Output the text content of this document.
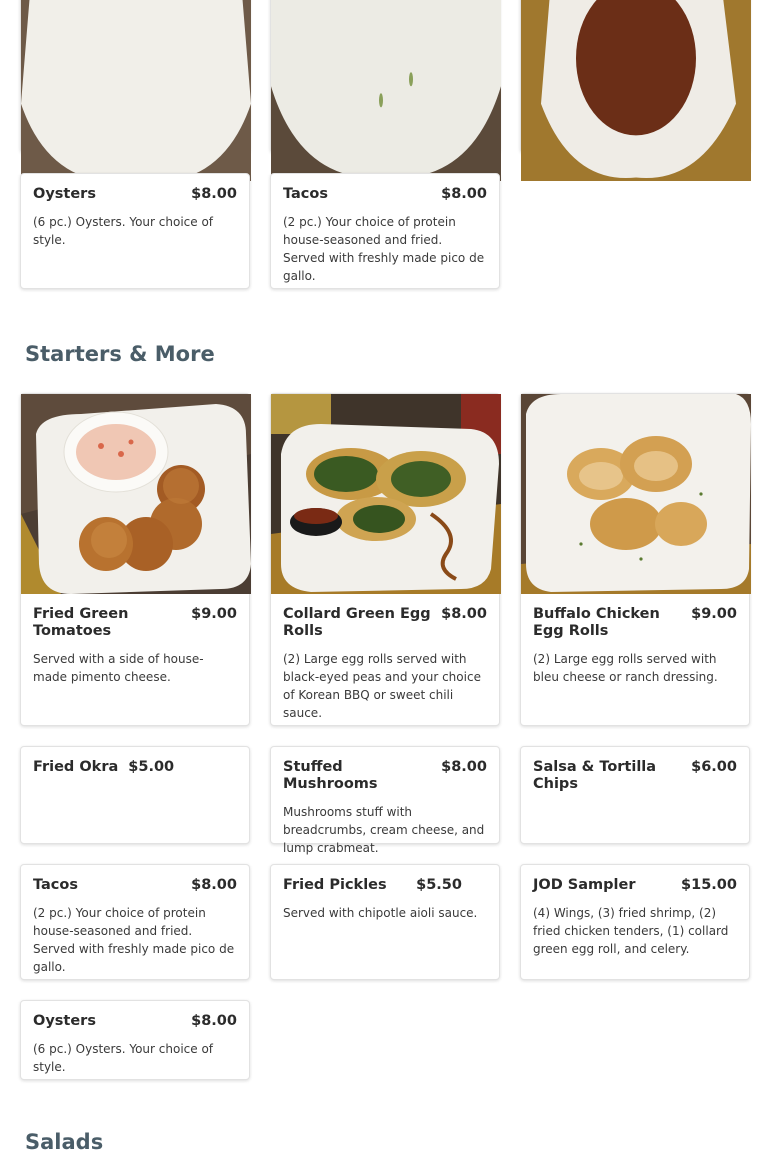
Oysters	$8.00
(6 pc.) Oysters. Your choice of style.
Tacos	$8.00
(2 pc.) Your choice of protein house-seasoned and fried. Served with freshly made pico de gallo.
Starters & More
Fried Green Tomatoes
$9.00
Served with a side of house-made pimento cheese.
Collard Green Egg Rolls
$8.00
(2) Large egg rolls served with black-eyed peas and your choice of Korean BBQ or sweet chili sauce.
Buffalo Chicken Egg Rolls
$9.00
(2) Large egg rolls served with bleu cheese or ranch dressing.
Fried Okra $5.00	Stuffed Mushrooms
$8.00
Mushrooms stuff with breadcrumbs, cream cheese, and lump crabmeat.
Salsa & Tortilla Chips
$6.00
Tacos	$8.00
(2 pc.) Your choice of protein house-seasoned and fried. Served with freshly made pico de gallo.
Fried Pickles $5.50
Served with chipotle aioli sauce.
JOD Sampler	$15.00
(4) Wings, (3) fried shrimp, (2) fried chicken tenders, (1) collard green egg roll, and celery.
Oysters	$8.00
(6 pc.) Oysters. Your choice of style.
Salads
